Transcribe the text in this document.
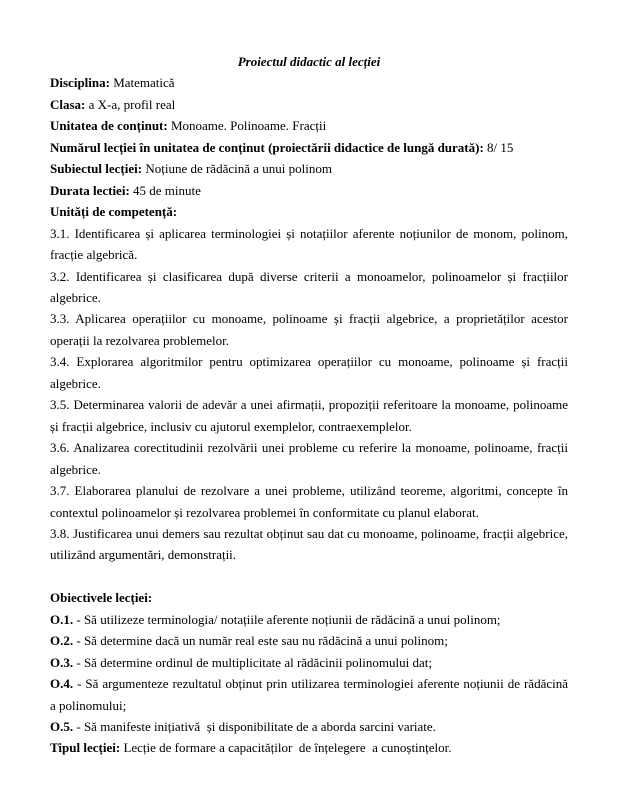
Proiectul didactic al lecției

Disciplina: Matematică

Clasa: a X-a, profil real

Unitatea de conținut: Monoame. Polinoame. Fracții

Numărul lecției în unitatea de conținut (proiectării didactice de lungă durată): 8/ 15

Subiectul lecției: Noțiune de rădăcină a unui polinom

Durata lectiei: 45 de minute

Unități de competență:

3.1. Identificarea și aplicarea terminologiei și notațiilor aferente noțiunilor de monom, polinom, fracție algebrică.

3.2. Identificarea și clasificarea după diverse criterii a monoamelor, polinoamelor și fracțiilor algebrice.

3.3. Aplicarea operațiilor cu monoame, polinoame și fracții algebrice, a proprietăților acestor operații la rezolvarea problemelor.

3.4. Explorarea algoritmilor pentru optimizarea operațiilor cu monoame, polinoame și fracții algebrice.

3.5. Determinarea valorii de adevăr a unei afirmații, propoziții referitoare la monoame, polinoame și fracții algebrice, inclusiv cu ajutorul exemplelor, contraexemplelor.

3.6. Analizarea corectitudinii rezolvării unei probleme cu referire la monoame, polinoame, fracții algebrice.

3.7. Elaborarea planului de rezolvare a unei probleme, utilizând teoreme, algoritmi, concepte în contextul polinoamelor și rezolvarea problemei în conformitate cu planul elaborat.

3.8. Justificarea unui demers sau rezultat obținut sau dat cu monoame, polinoame, fracții algebrice, utilizând argumentări, demonstrații.

Obiectivele lecției:

O.1. - Să utilizeze terminologia/ notațiile aferente noțiunii de rădăcină a unui polinom;

O.2. - Să determine dacă un număr real este sau nu rădăcină a unui polinom;

O.3. - Să determine ordinul de multiplicitate al rădăcinii polinomului dat;

O.4. - Să argumenteze rezultatul obținut prin utilizarea terminologiei aferente noțiunii de rădăcină a polinomului;

O.5. - Să manifeste inițiativă  și disponibilitate de a aborda sarcini variate.

Tipul lecției: Lecție de formare a capacităților  de înțelegere  a cunoștințelor.
